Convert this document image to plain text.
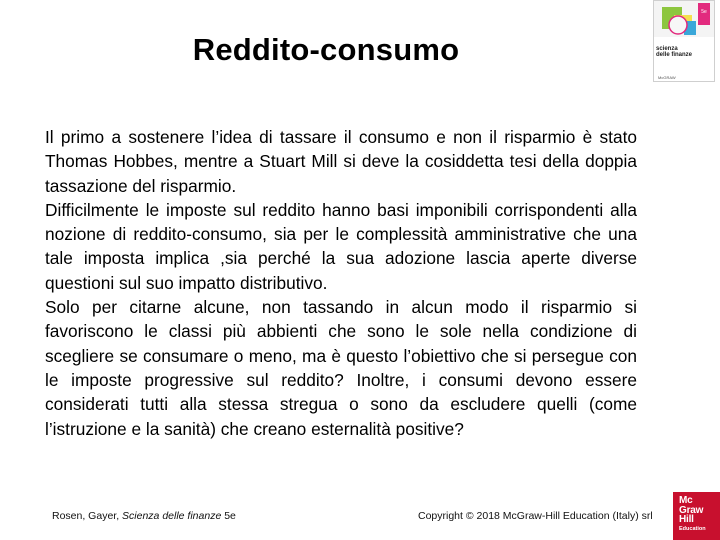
Reddito-consumo

Il primo a sostenere l’idea di tassare il consumo e non il risparmio è stato Thomas Hobbes, mentre a Stuart Mill si deve la cosiddetta tesi della doppia tassazione del risparmio.

Difficilmente le imposte sul reddito hanno basi imponibili corrispondenti alla nozione di reddito-consumo, sia per le complessità amministrative che una tale imposta implica ,sia perché la sua adozione lascia aperte diverse questioni sul suo impatto distributivo.

Solo per citarne alcune, non tassando in alcun modo il risparmio si favoriscono le classi più abbienti che sono le sole nella condizione di scegliere se consumare o meno, ma è questo l’obiettivo che si persegue con le imposte progressive sul reddito? Inoltre, i consumi devono essere considerati tutti alla stessa stregua o sono da escludere quelli (come l’istruzione e la sanità) che creano esternalità positive?

Rosen, Gayer, Scienza delle finanze 5e	Copyright © 2018 McGraw-Hill Education (Italy) srl
5e
scienza
delle finanze
McGRAW
Mc
Graw
Hill
Education
